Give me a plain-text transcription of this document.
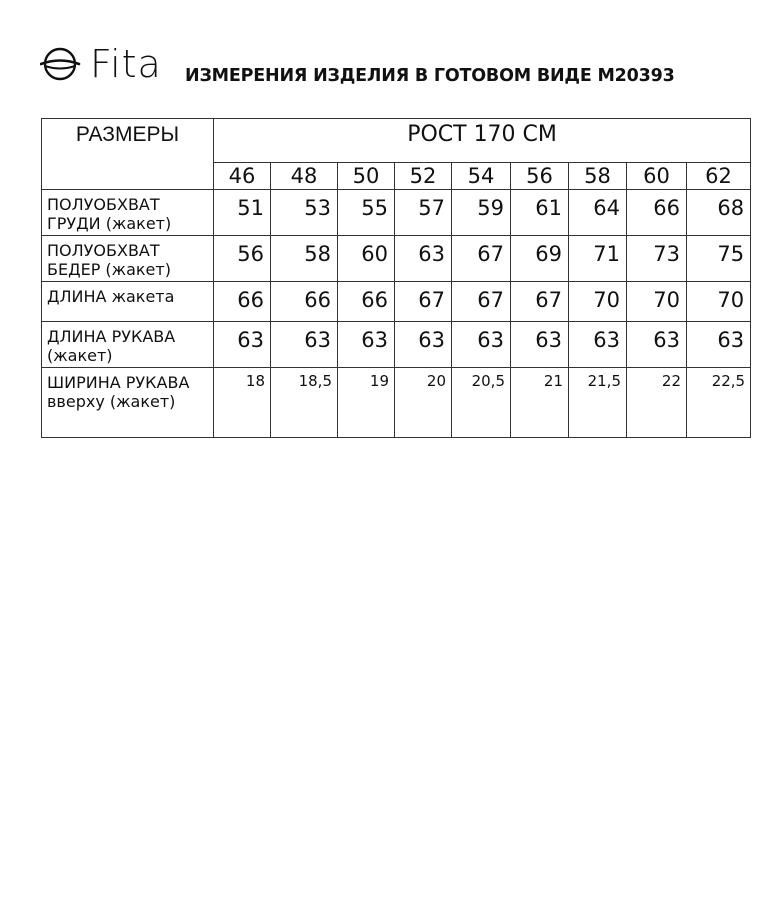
Fita ИЗМЕРЕНИЯ ИЗДЕЛИЯ В ГОТОВОМ ВИДЕ М20393
РАЗМЕРЫ	РОСТ 170 СМ								
	46	48	50	52	54	56	58	60	62
ПОЛУОБХВАТ ГРУДИ (жакет)	51	53	55	57	59	61	64	66	68
ПОЛУОБХВАТ БЕДЕР (жакет)	56	58	60	63	67	69	71	73	75
ДЛИНА жакета	66	66	66	67	67	67	70	70	70
ДЛИНА РУКАВА (жакет)	63	63	63	63	63	63	63	63	63
ШИРИНА РУКАВА вверху (жакет)	18	18,5	19	20	20,5	21	21,5	22	22,5
